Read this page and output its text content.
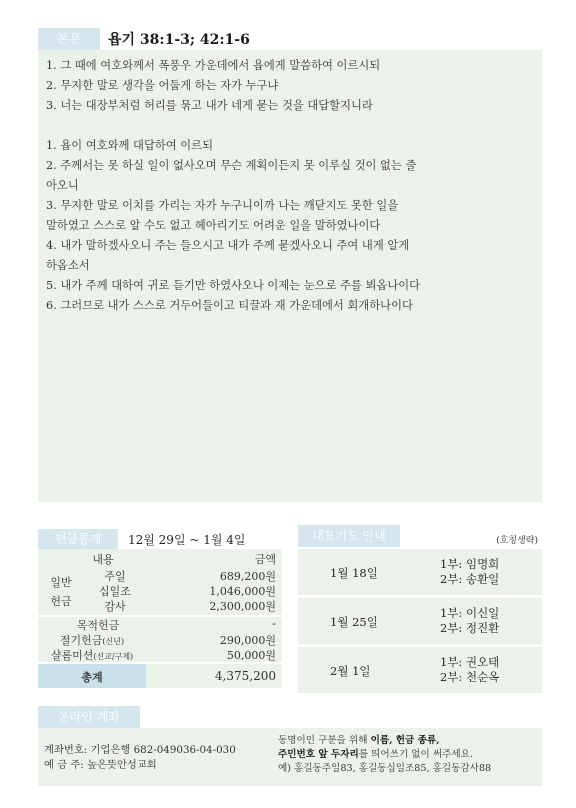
본문	욥기 38:1-3; 42:1-6
1. 그 때에 여호와께서 폭풍우 가운데에서 욥에게 말씀하여 이르시되
2. 무지한 말로 생각을 어둡게 하는 자가 누구냐
3. 너는 대장부처럼 허리를 묶고 내가 네게 묻는 것을 대답할지니라
1. 욥이 여호와께 대답하여 이르되
2. 주께서는 못 하실 일이 없사오며 무슨 계획이든지 못 이루실 것이 없는 줄
아오니
3. 무지한 말로 이치를 가리는 자가 누구니이까 나는 깨닫지도 못한 일을
말하였고 스스로 알 수도 없고 헤아리기도 어려운 일을 말하였나이다
4. 내가 말하겠사오니 주는 들으시고 내가 주께 묻겠사오니 주여 내게 알게
하옵소서
5. 내가 주께 대하여 귀로 듣기만 하였사오나 이제는 눈으로 주를 뵈옵나이다
6. 그러므로 내가 스스로 거두어들이고 티끌과 재 가운데에서 회개하나이다
헌금통계	12월 29일 ~ 1월 4일
내용	금액
일반
헌금
주일	689,200원
십일조	1,046,000원
감사	2,300,000원
목적헌금	-
절기헌금(신년)	290,000원
샬롬미션(선교/구제)	50,000원
총계	4,375,200
대표기도 안내	(호칭생략)
1월 18일
1부: 임명희
2부: 송환일
1월 25일
1부: 이신일
2부: 정진환
2월 1일
1부: 권오태
2부: 천순옥
온라인 계좌
계좌번호: 기업은행 682-049036-04-030
예 금 주: 높은뜻안성교회
동명이인 구분을 위해 이름, 헌금 종류,
주민번호 앞 두자리를 띄어쓰기 없이 써주세요.
예) 홍길동주일83, 홍길동십일조85, 홍길동감사88
